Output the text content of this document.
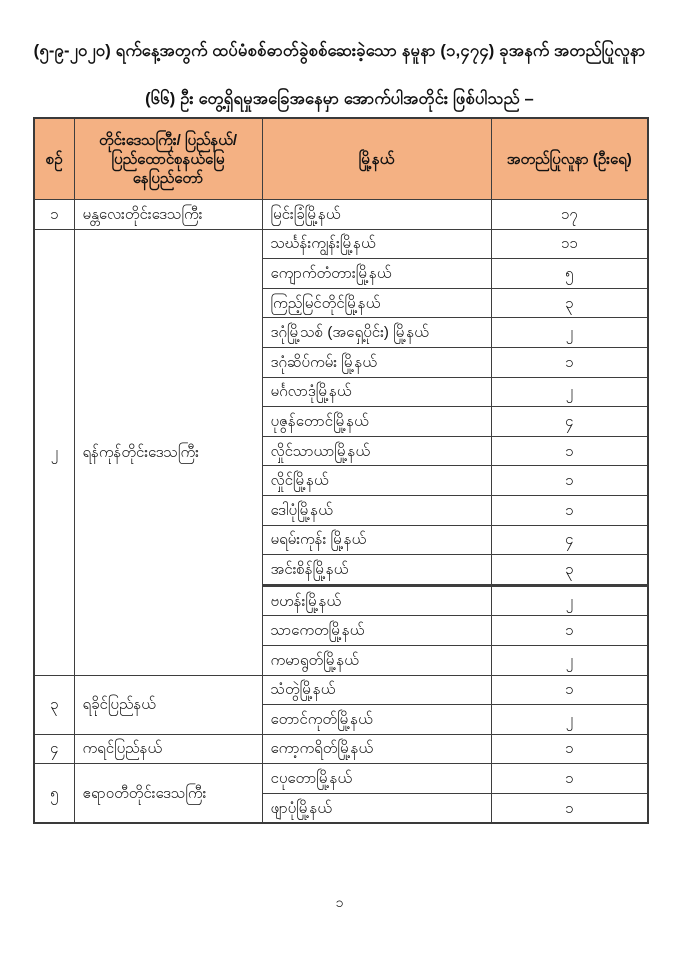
(၅-၉-၂၀၂၀) ရက်နေ့အတွက် ထပ်မံစစ်ဓာတ်ခွဲစစ်ဆေးခဲ့သော နမူနာ (၁,၄၇၄) ခုအနက် အတည်ပြုလူနာ
(၆၆) ဦး တွေ့ရှိရမှုအခြေအနေမှာ အောက်ပါအတိုင်း ဖြစ်ပါသည် –
စဉ်	တိုင်းဒေသကြီး/ ပြည်နယ်/ ပြည်ထောင်စုနယ်မြေ နေပြည်တော်	မြို့နယ်	အတည်ပြုလူနာ (ဦးရေ)
၁	မန္တလေးတိုင်းဒေသကြီး	မြင်းခြံမြို့နယ်	၁၇
၂	ရန်ကုန်တိုင်းဒေသကြီး	သင်္ဃန်းကျွန်းမြို့နယ်	၁၁
		ကျောက်တံတားမြို့နယ်	၅
		ကြည့်မြင်တိုင်မြို့နယ်	၃
		ဒဂုံမြို့သစ် (အရှေ့ပိုင်း) မြို့နယ်	၂
		ဒဂုံဆိပ်ကမ်း မြို့နယ်	၁
		မင်္ဂလာဒုံမြို့နယ်	၂
		ပုဇွန်တောင်မြို့နယ်	၄
		လှိုင်သာယာမြို့နယ်	၁
		လှိုင်မြို့နယ်	၁
		ဒေါပုံမြို့နယ်	၁
		မရမ်းကုန်း မြို့နယ်	၄
		အင်းစိန်မြို့နယ်	၃
		ဗဟန်းမြို့နယ်	၂
		သာကေတမြို့နယ်	၁
		ကမာရွတ်မြို့နယ်	၂
၃	ရခိုင်ပြည်နယ်	သံတွဲမြို့နယ်	၁
		တောင်ကုတ်မြို့နယ်	၂
၄	ကရင်ပြည်နယ်	ကော့ကရိတ်မြို့နယ်	၁
၅	ဧရာဝတီတိုင်းဒေသကြီး	ငပုတောမြို့နယ်	၁
		ဖျာပုံမြို့နယ်	၁
၁
